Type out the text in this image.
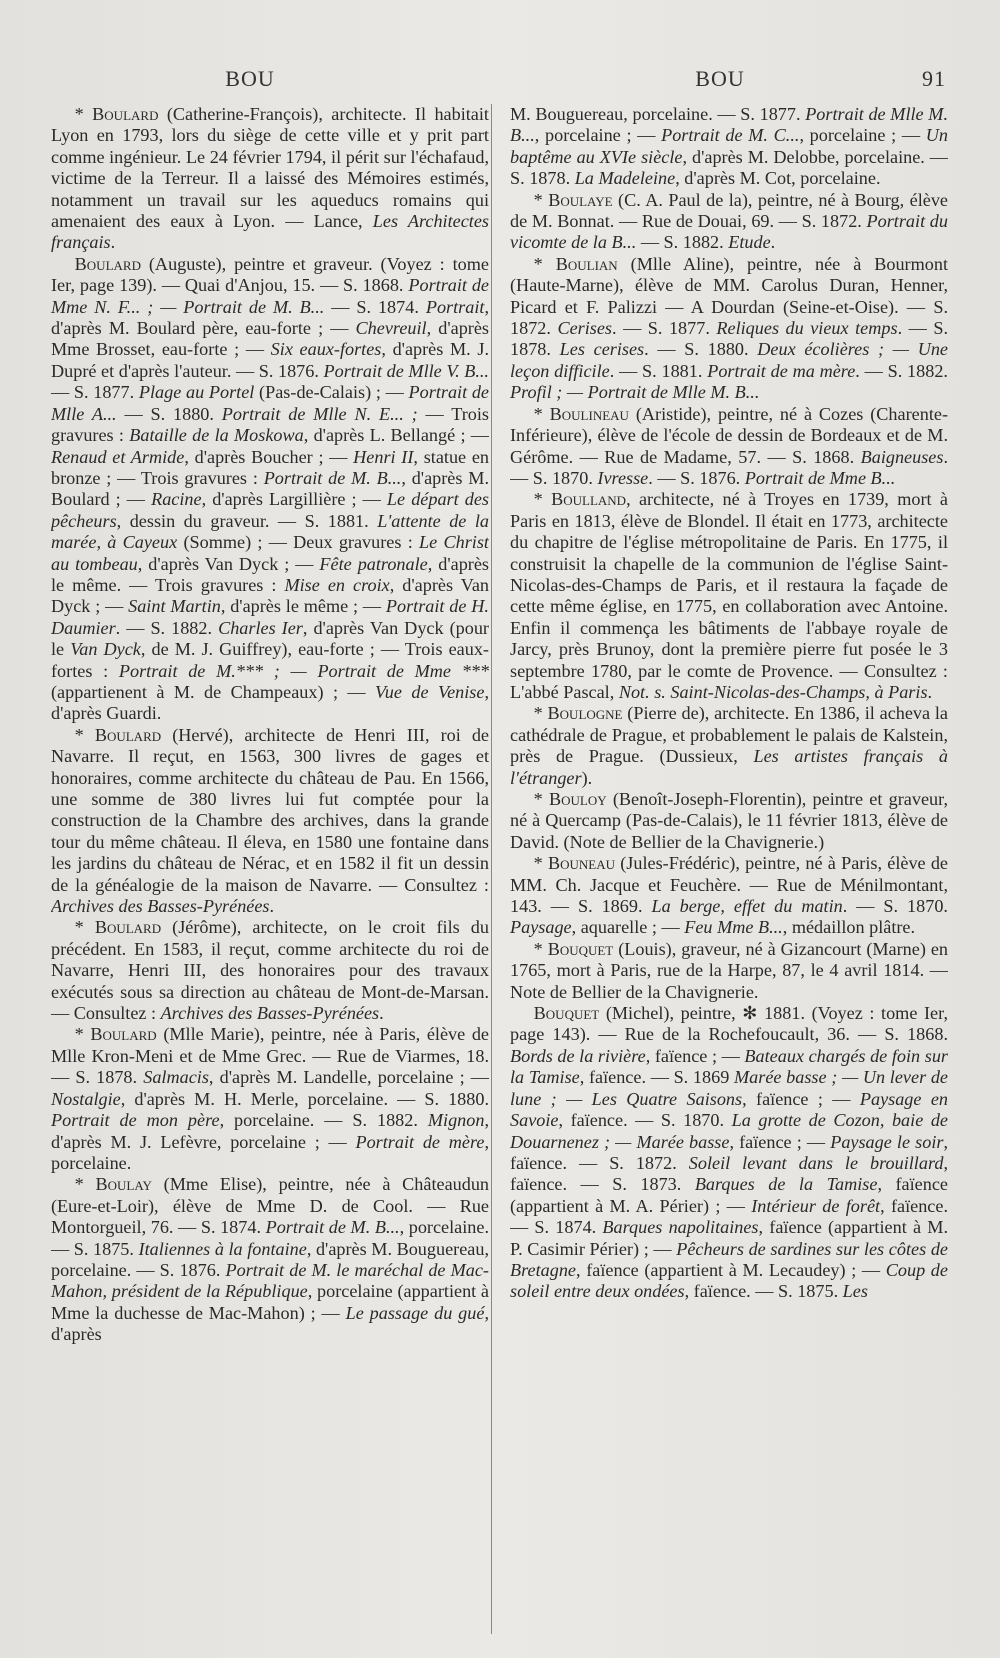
BOU	BOU	91

* Boulard (Catherine-François), architecte. Il habitait Lyon en 1793, lors du siège de cette ville et y prit part comme ingénieur. Le 24 février 1794, il périt sur l'échafaud, victime de la Terreur. Il a laissé des Mémoires estimés, notamment un travail sur les aqueducs romains qui amenaient des eaux à Lyon. — Lance, Les Architectes français.

Boulard (Auguste), peintre et graveur. (Voyez : tome Ier, page 139). — Quai d'Anjou, 15. — S. 1868. Portrait de Mme N. F... ; — Portrait de M. B... — S. 1874. Portrait, d'après M. Boulard père, eau-forte ; — Chevreuil, d'après Mme Brosset, eau-forte ; — Six eaux-fortes, d'après M. J. Dupré et d'après l'auteur. — S. 1876. Portrait de Mlle V. B... — S. 1877. Plage au Portel (Pas-de-Calais) ; — Portrait de Mlle A... — S. 1880. Portrait de Mlle N. E... ; — Trois gravures : Bataille de la Moskowa, d'après L. Bellangé ; — Renaud et Armide, d'après Boucher ; — Henri II, statue en bronze ; — Trois gravures : Portrait de M. B..., d'après M. Boulard ; — Racine, d'après Largillière ; — Le départ des pêcheurs, dessin du graveur. — S. 1881. L'attente de la marée, à Cayeux (Somme) ; — Deux gravures : Le Christ au tombeau, d'après Van Dyck ; — Fête patronale, d'après le même. — Trois gravures : Mise en croix, d'après Van Dyck ; — Saint Martin, d'après le même ; — Portrait de H. Daumier. — S. 1882. Charles Ier, d'après Van Dyck (pour le Van Dyck, de M. J. Guiffrey), eau-forte ; — Trois eaux-fortes : Portrait de M.*** ; — Portrait de Mme *** (appartienent à M. de Champeaux) ; — Vue de Venise, d'après Guardi.

* Boulard (Hervé), architecte de Henri III, roi de Navarre. Il reçut, en 1563, 300 livres de gages et honoraires, comme architecte du château de Pau. En 1566, une somme de 380 livres lui fut comptée pour la construction de la Chambre des archives, dans la grande tour du même château. Il éleva, en 1580 une fontaine dans les jardins du château de Nérac, et en 1582 il fit un dessin de la généalogie de la maison de Navarre. — Consultez : Archives des Basses-Pyrénées.

* Boulard (Jérôme), architecte, on le croit fils du précédent. En 1583, il reçut, comme architecte du roi de Navarre, Henri III, des honoraires pour des travaux exécutés sous sa direction au château de Mont-de-Marsan. — Consultez : Archives des Basses-Pyrénées.

* Boulard (Mlle Marie), peintre, née à Paris, élève de Mlle Kron-Meni et de Mme Grec. — Rue de Viarmes, 18. — S. 1878. Salmacis, d'après M. Landelle, porcelaine ; — Nostalgie, d'après M. H. Merle, porcelaine. — S. 1880. Portrait de mon père, porcelaine. — S. 1882. Mignon, d'après M. J. Lefèvre, porcelaine ; — Portrait de mère, porcelaine.

* Boulay (Mme Elise), peintre, née à Châteaudun (Eure-et-Loir), élève de Mme D. de Cool. — Rue Montorgueil, 76. — S. 1874. Portrait de M. B..., porcelaine. — S. 1875. Italiennes à la fontaine, d'après M. Bouguereau, porcelaine. — S. 1876. Portrait de M. le maréchal de Mac-Mahon, président de la République, porcelaine (appartient à Mme la duchesse de Mac-Mahon) ; — Le passage du gué, d'après

M. Bouguereau, porcelaine. — S. 1877. Portrait de Mlle M. B..., porcelaine ; — Portrait de M. C..., porcelaine ; — Un baptême au XVIe siècle, d'après M. Delobbe, porcelaine. — S. 1878. La Madeleine, d'après M. Cot, porcelaine.

* Boulaye (C. A. Paul de la), peintre, né à Bourg, élève de M. Bonnat. — Rue de Douai, 69. — S. 1872. Portrait du vicomte de la B... — S. 1882. Etude.

* Boulian (Mlle Aline), peintre, née à Bourmont (Haute-Marne), élève de MM. Carolus Duran, Henner, Picard et F. Palizzi — A Dourdan (Seine-et-Oise). — S. 1872. Cerises. — S. 1877. Reliques du vieux temps. — S. 1878. Les cerises. — S. 1880. Deux écolières ; — Une leçon difficile. — S. 1881. Portrait de ma mère. — S. 1882. Profil ; — Portrait de Mlle M. B...

* Boulineau (Aristide), peintre, né à Cozes (Charente-Inférieure), élève de l'école de dessin de Bordeaux et de M. Gérôme. — Rue de Madame, 57. — S. 1868. Baigneuses. — S. 1870. Ivresse. — S. 1876. Portrait de Mme B...

* Boulland, architecte, né à Troyes en 1739, mort à Paris en 1813, élève de Blondel. Il était en 1773, architecte du chapitre de l'église métropolitaine de Paris. En 1775, il construisit la chapelle de la communion de l'église Saint-Nicolas-des-Champs de Paris, et il restaura la façade de cette même église, en 1775, en collaboration avec Antoine. Enfin il commença les bâtiments de l'abbaye royale de Jarcy, près Brunoy, dont la première pierre fut posée le 3 septembre 1780, par le comte de Provence. — Consultez : L'abbé Pascal, Not. s. Saint-Nicolas-des-Champs, à Paris.

* Boulogne (Pierre de), architecte. En 1386, il acheva la cathédrale de Prague, et probablement le palais de Kalstein, près de Prague. (Dussieux, Les artistes français à l'étranger).

* Bouloy (Benoît-Joseph-Florentin), peintre et graveur, né à Quercamp (Pas-de-Calais), le 11 février 1813, élève de David. (Note de Bellier de la Chavignerie.)

* Bouneau (Jules-Frédéric), peintre, né à Paris, élève de MM. Ch. Jacque et Feuchère. — Rue de Ménilmontant, 143. — S. 1869. La berge, effet du matin. — S. 1870. Paysage, aquarelle ; — Feu Mme B..., médaillon plâtre.

* Bouquet (Louis), graveur, né à Gizancourt (Marne) en 1765, mort à Paris, rue de la Harpe, 87, le 4 avril 1814. — Note de Bellier de la Chavignerie.

Bouquet (Michel), peintre, ✻ 1881. (Voyez : tome Ier, page 143). — Rue de la Rochefoucault, 36. — S. 1868. Bords de la rivière, faïence ; — Bateaux chargés de foin sur la Tamise, faïence. — S. 1869 Marée basse ; — Un lever de lune ; — Les Quatre Saisons, faïence ; — Paysage en Savoie, faïence. — S. 1870. La grotte de Cozon, baie de Douarnenez ; — Marée basse, faïence ; — Paysage le soir, faïence. — S. 1872. Soleil levant dans le brouillard, faïence. — S. 1873. Barques de la Tamise, faïence (appartient à M. A. Périer) ; — Intérieur de forêt, faïence. — S. 1874. Barques napolitaines, faïence (appartient à M. P. Casimir Périer) ; — Pêcheurs de sardines sur les côtes de Bretagne, faïence (appartient à M. Lecaudey) ; — Coup de soleil entre deux ondées, faïence. — S. 1875. Les
